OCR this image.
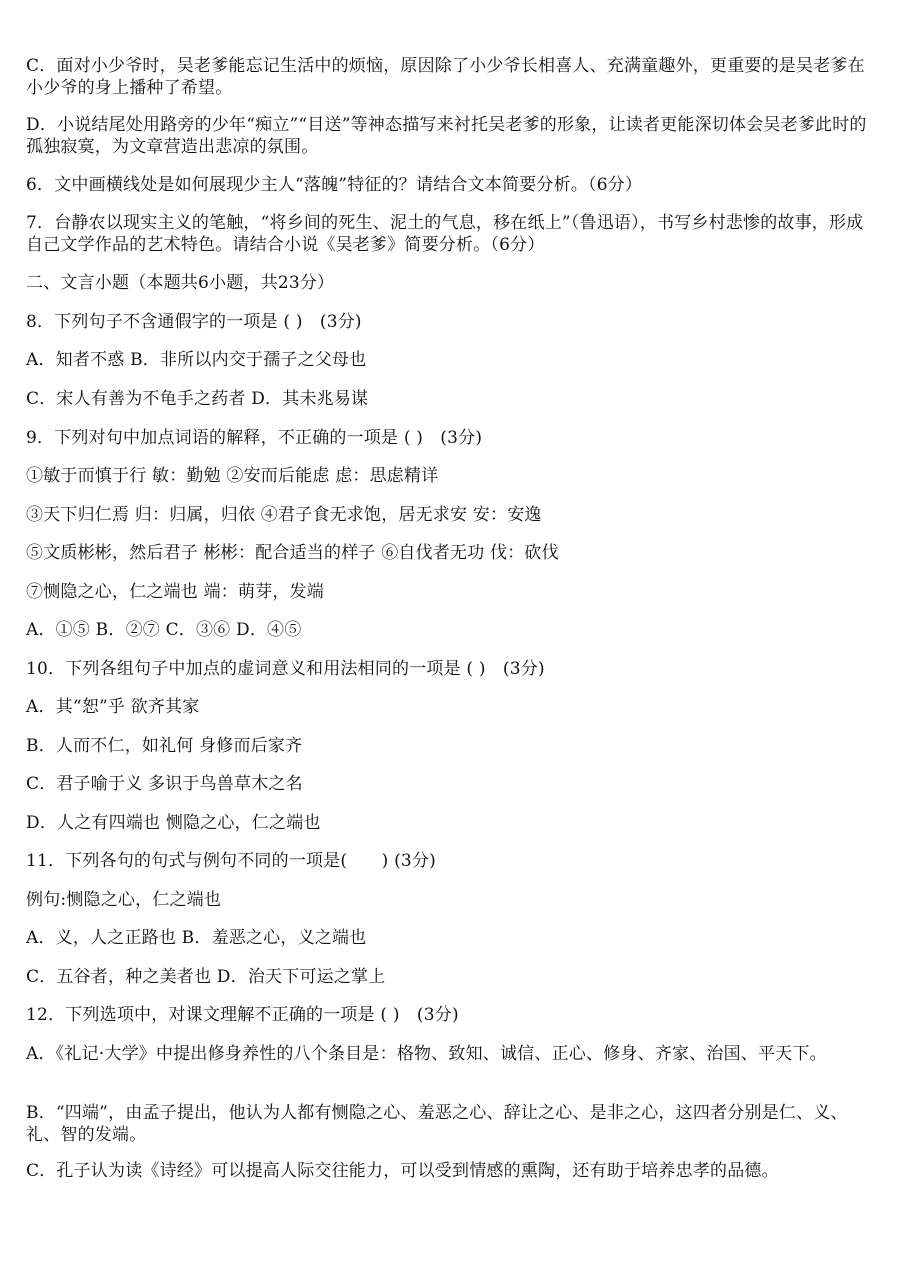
C．面对小少爷时，吴老爹能忘记生活中的烦恼，原因除了小少爷长相喜人、充满童趣外，更重要的是吴老爹在小少爷的身上播种了希望。
D．小说结尾处用路旁的少年“痴立”“目送”等神态描写来衬托吴老爹的形象，让读者更能深切体会吴老爹此时的孤独寂寞，为文章营造出悲凉的氛围。
6．文中画横线处是如何展现少主人“落魄”特征的？请结合文本简要分析。（6分）
7．台静农以现实主义的笔触，“将乡间的死生、泥土的气息，移在纸上”（鲁迅语），书写乡村悲惨的故事，形成自己文学作品的艺术特色。请结合小说《吴老爹》简要分析。（6分）
二、文言小题（本题共6小题，共23分）
8．下列句子不含通假字的一项是 ( )　(3分)
A．知者不惑 B．非所以内交于孺子之父母也
C．宋人有善为不龟手之药者 D．其未兆易谋
9．下列对句中加点词语的解释，不正确的一项是 ( )　(3分)
①敏于而慎于行 敏：勤勉 ②安而后能虑 虑：思虑精详
③天下归仁焉 归：归属，归依 ④君子食无求饱，居无求安 安：安逸
⑤文质彬彬，然后君子 彬彬：配合适当的样子 ⑥自伐者无功 伐：砍伐
⑦恻隐之心，仁之端也 端：萌芽，发端
A．①⑤ B．②⑦ C．③⑥ D．④⑤
10．下列各组句子中加点的虚词意义和用法相同的一项是 ( )　(3分)
A．其“恕”乎 欲齐其家
B．人而不仁，如礼何 身修而后家齐
C．君子喻于义 多识于鸟兽草木之名
D．人之有四端也 恻隐之心，仁之端也
11．下列各句的句式与例句不同的一项是(　　) (3分)
例句:恻隐之心，仁之端也
A．义，人之正路也 B．羞恶之心，义之端也
C．五谷者，种之美者也 D．治天下可运之掌上
12．下列选项中，对课文理解不正确的一项是 ( )　(3分)
A．《礼记·大学》中提出修身养性的八个条目是：格物、致知、诚信、正心、修身、齐家、治国、平天下。
B．“四端”，由孟子提出，他认为人都有恻隐之心、羞恶之心、辞让之心、是非之心，这四者分别是仁、义、礼、智的发端。
C．孔子认为读《诗经》可以提高人际交往能力，可以受到情感的熏陶，还有助于培养忠孝的品德。
